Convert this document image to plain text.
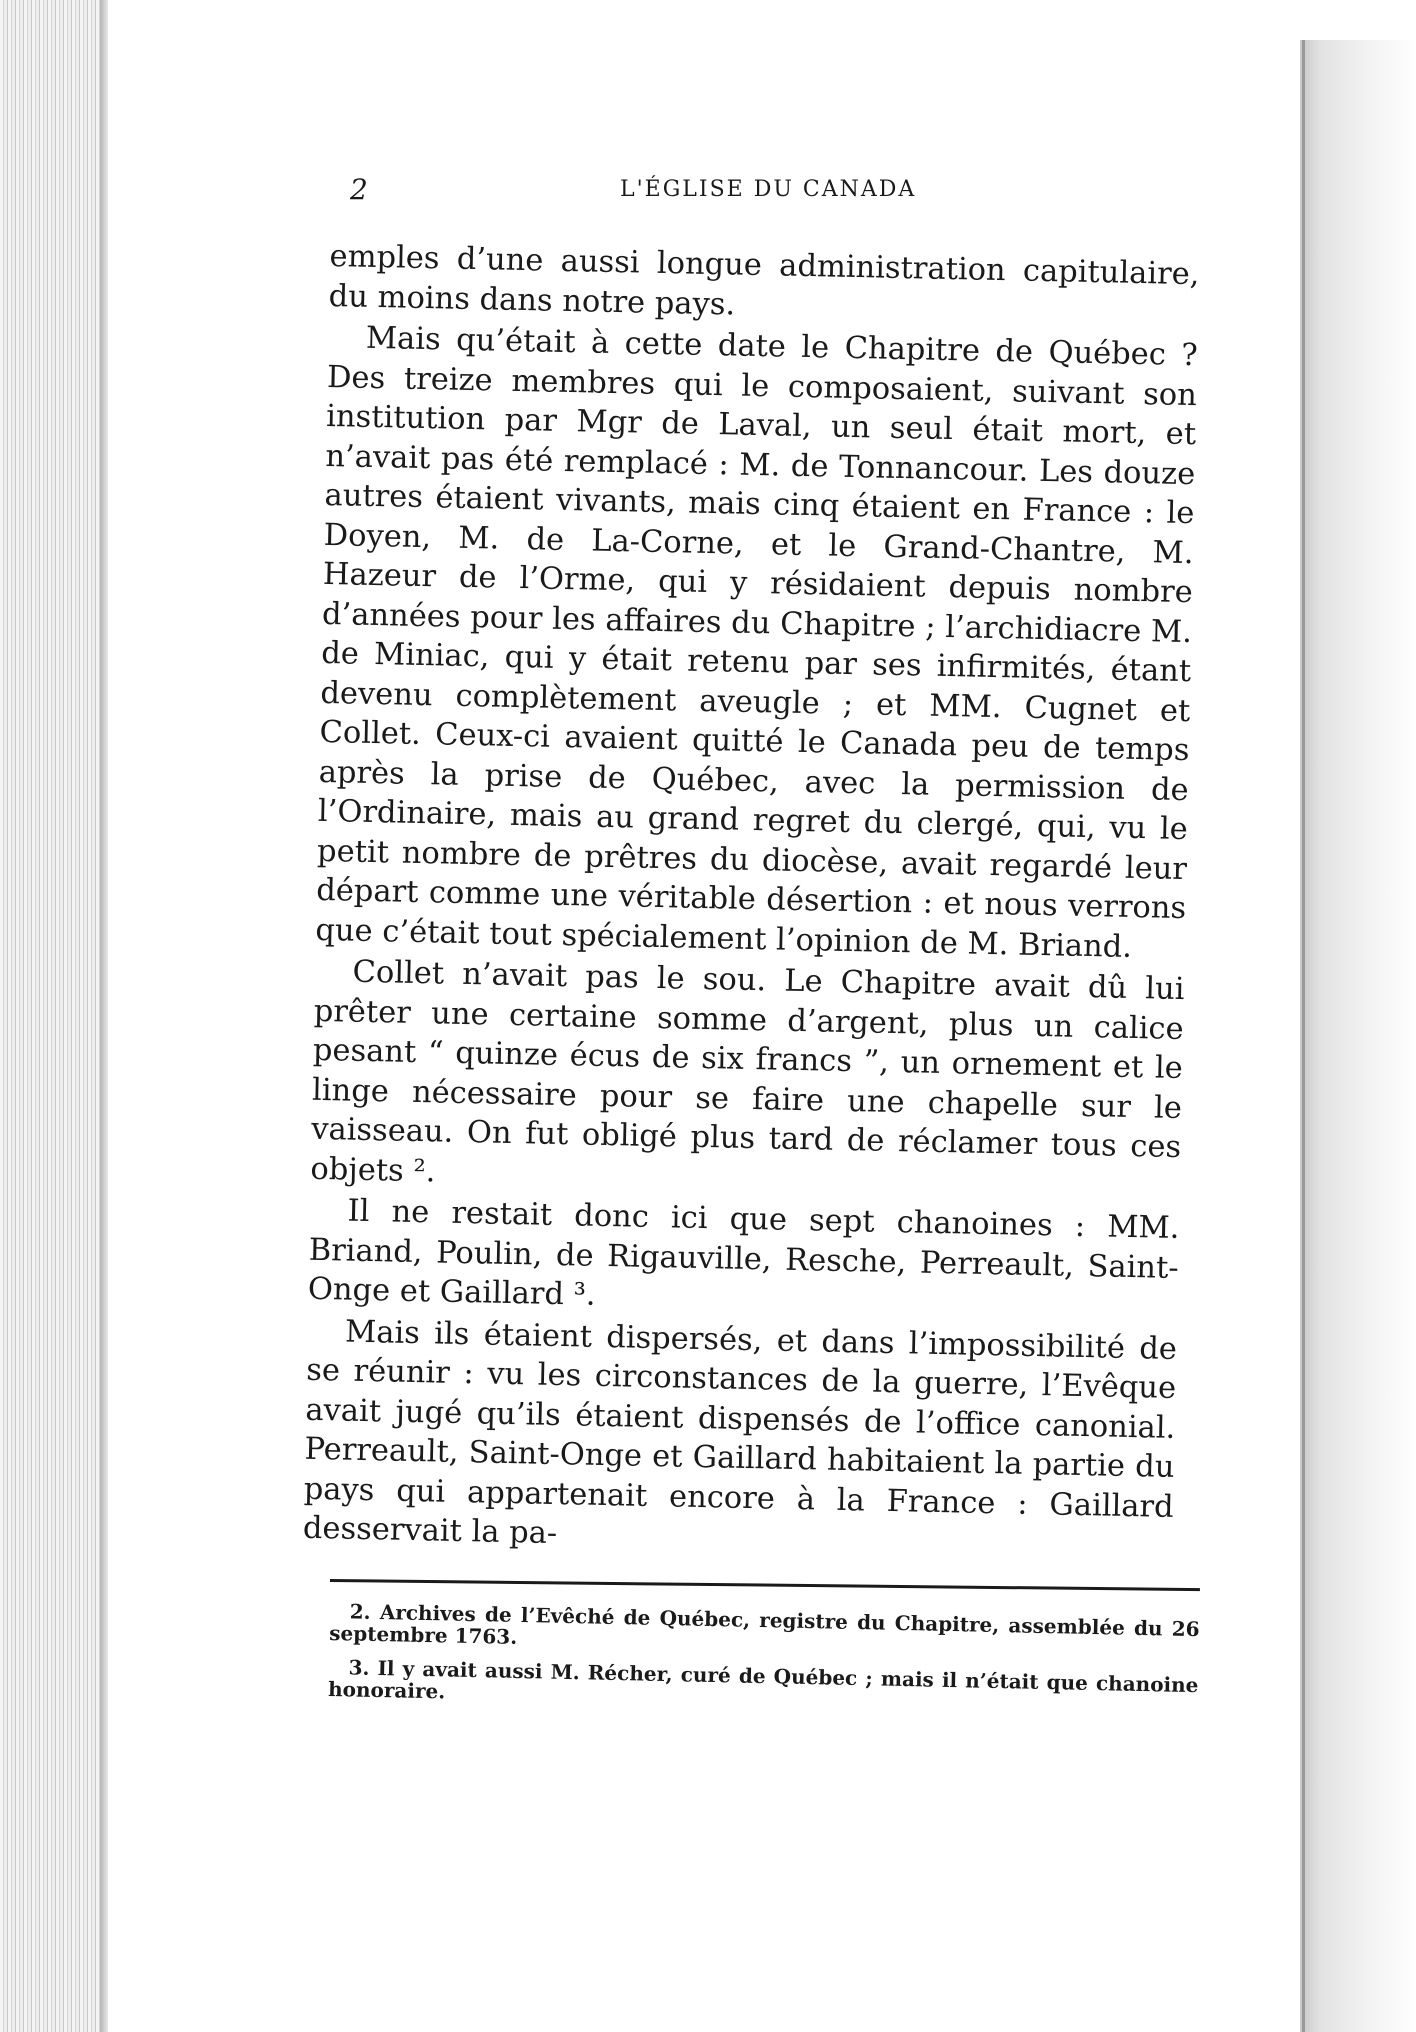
2	L'ÉGLISE DU CANADA

emples d’une aussi longue administration capitulaire, du moins dans notre pays.

Mais qu’était à cette date le Chapitre de Québec ? Des treize membres qui le composaient, suivant son institution par Mgr de Laval, un seul était mort, et n’avait pas été remplacé : M. de Tonnancour. Les douze autres étaient vivants, mais cinq étaient en France : le Doyen, M. de La-Corne, et le Grand-Chantre, M. Hazeur de l’Orme, qui y résidaient depuis nombre d’années pour les affaires du Chapitre ; l’archidiacre M. de Miniac, qui y était retenu par ses infirmités, étant devenu complètement aveugle ; et MM. Cugnet et Collet. Ceux-ci avaient quitté le Canada peu de temps après la prise de Québec, avec la permission de l’Ordinaire, mais au grand regret du clergé, qui, vu le petit nombre de prêtres du diocèse, avait regardé leur départ comme une véritable désertion : et nous verrons que c’était tout spécialement l’opinion de M. Briand.

Collet n’avait pas le sou. Le Chapitre avait dû lui prêter une certaine somme d’argent, plus un calice pesant “ quinze écus de six francs ”, un ornement et le linge nécessaire pour se faire une chapelle sur le vaisseau. On fut obligé plus tard de réclamer tous ces objets ².

Il ne restait donc ici que sept chanoines : MM. Briand, Poulin, de Rigauville, Resche, Perreault, Saint-Onge et Gaillard ³.

Mais ils étaient dispersés, et dans l’impossibilité de se réunir : vu les circonstances de la guerre, l’Evêque avait jugé qu’ils étaient dispensés de l’office canonial. Perreault, Saint-Onge et Gaillard habitaient la partie du pays qui appartenait encore à la France : Gaillard desservait la pa-

2. Archives de l’Evêché de Québec, registre du Chapitre, assemblée du 26 septembre 1763.

3. Il y avait aussi M. Récher, curé de Québec ; mais il n’était que chanoine honoraire.
